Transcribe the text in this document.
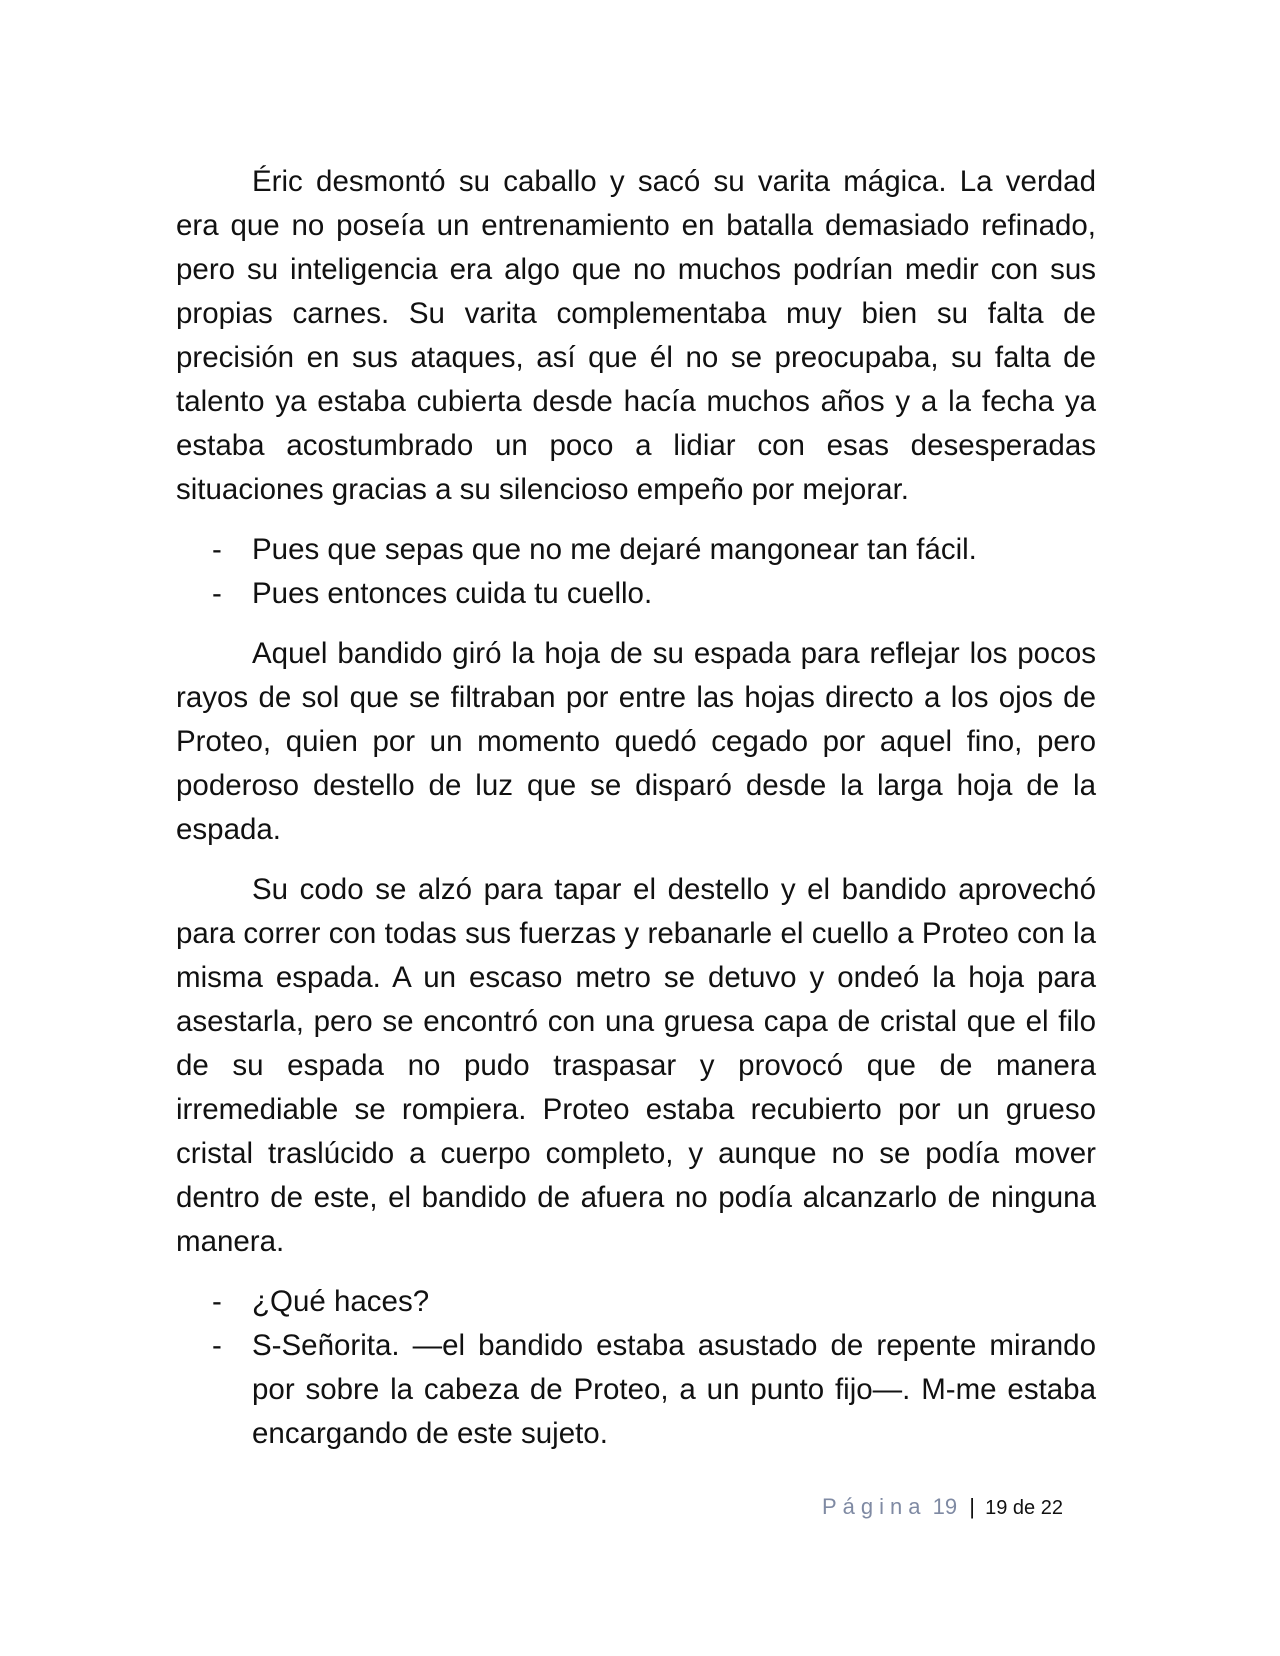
Éric desmontó su caballo y sacó su varita mágica. La verdad era que no poseía un entrenamiento en batalla demasiado refinado, pero su inteligencia era algo que no muchos podrían medir con sus propias carnes. Su varita complementaba muy bien su falta de precisión en sus ataques, así que él no se preocupaba, su falta de talento ya estaba cubierta desde hacía muchos años y a la fecha ya estaba acostumbrado un poco a lidiar con esas desesperadas situaciones gracias a su silencioso empeño por mejorar.

- Pues que sepas que no me dejaré mangonear tan fácil.
- Pues entonces cuida tu cuello.

Aquel bandido giró la hoja de su espada para reflejar los pocos rayos de sol que se filtraban por entre las hojas directo a los ojos de Proteo, quien por un momento quedó cegado por aquel fino, pero poderoso destello de luz que se disparó desde la larga hoja de la espada.

Su codo se alzó para tapar el destello y el bandido aprovechó para correr con todas sus fuerzas y rebanarle el cuello a Proteo con la misma espada. A un escaso metro se detuvo y ondeó la hoja para asestarla, pero se encontró con una gruesa capa de cristal que el filo de su espada no pudo traspasar y provocó que de manera irremediable se rompiera. Proteo estaba recubierto por un grueso cristal traslúcido a cuerpo completo, y aunque no se podía mover dentro de este, el bandido de afuera no podía alcanzarlo de ninguna manera.

- ¿Qué haces?
- S-Señorita. —el bandido estaba asustado de repente mirando por sobre la cabeza de Proteo, a un punto fijo—. M-me estaba encargando de este sujeto.
Página 19 | 19 de 22
